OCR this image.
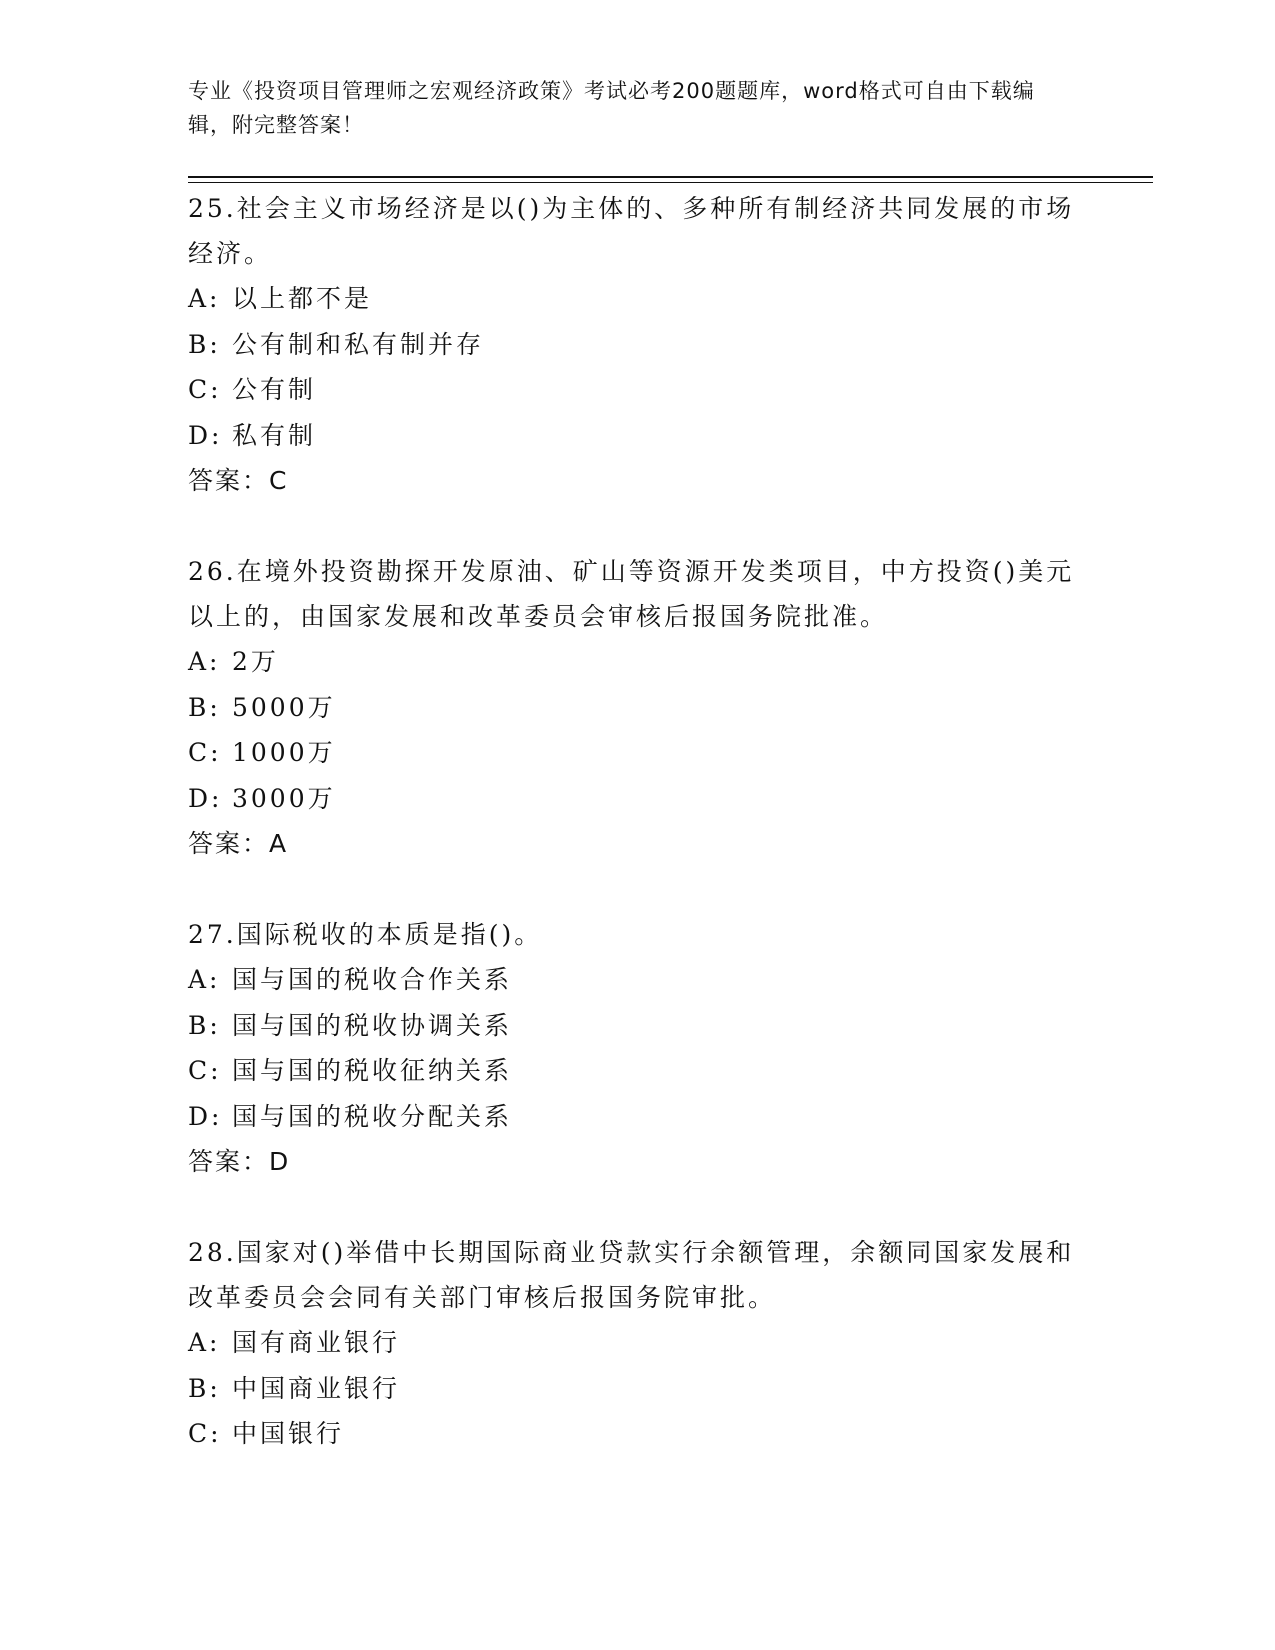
专业《投资项目管理师之宏观经济政策》考试必考200题题库，word格式可自由下载编辑，附完整答案！

25.社会主义市场经济是以()为主体的、多种所有制经济共同发展的市场经济。

A: 以上都不是

B: 公有制和私有制并存

C: 公有制

D: 私有制

答案：C

26.在境外投资勘探开发原油、矿山等资源开发类项目，中方投资()美元以上的，由国家发展和改革委员会审核后报国务院批准。

A: 2万

B: 5000万

C: 1000万

D: 3000万

答案：A

27.国际税收的本质是指()。

A: 国与国的税收合作关系

B: 国与国的税收协调关系

C: 国与国的税收征纳关系

D: 国与国的税收分配关系

答案：D

28.国家对()举借中长期国际商业贷款实行余额管理，余额同国家发展和改革委员会会同有关部门审核后报国务院审批。

A: 国有商业银行

B: 中国商业银行

C: 中国银行
